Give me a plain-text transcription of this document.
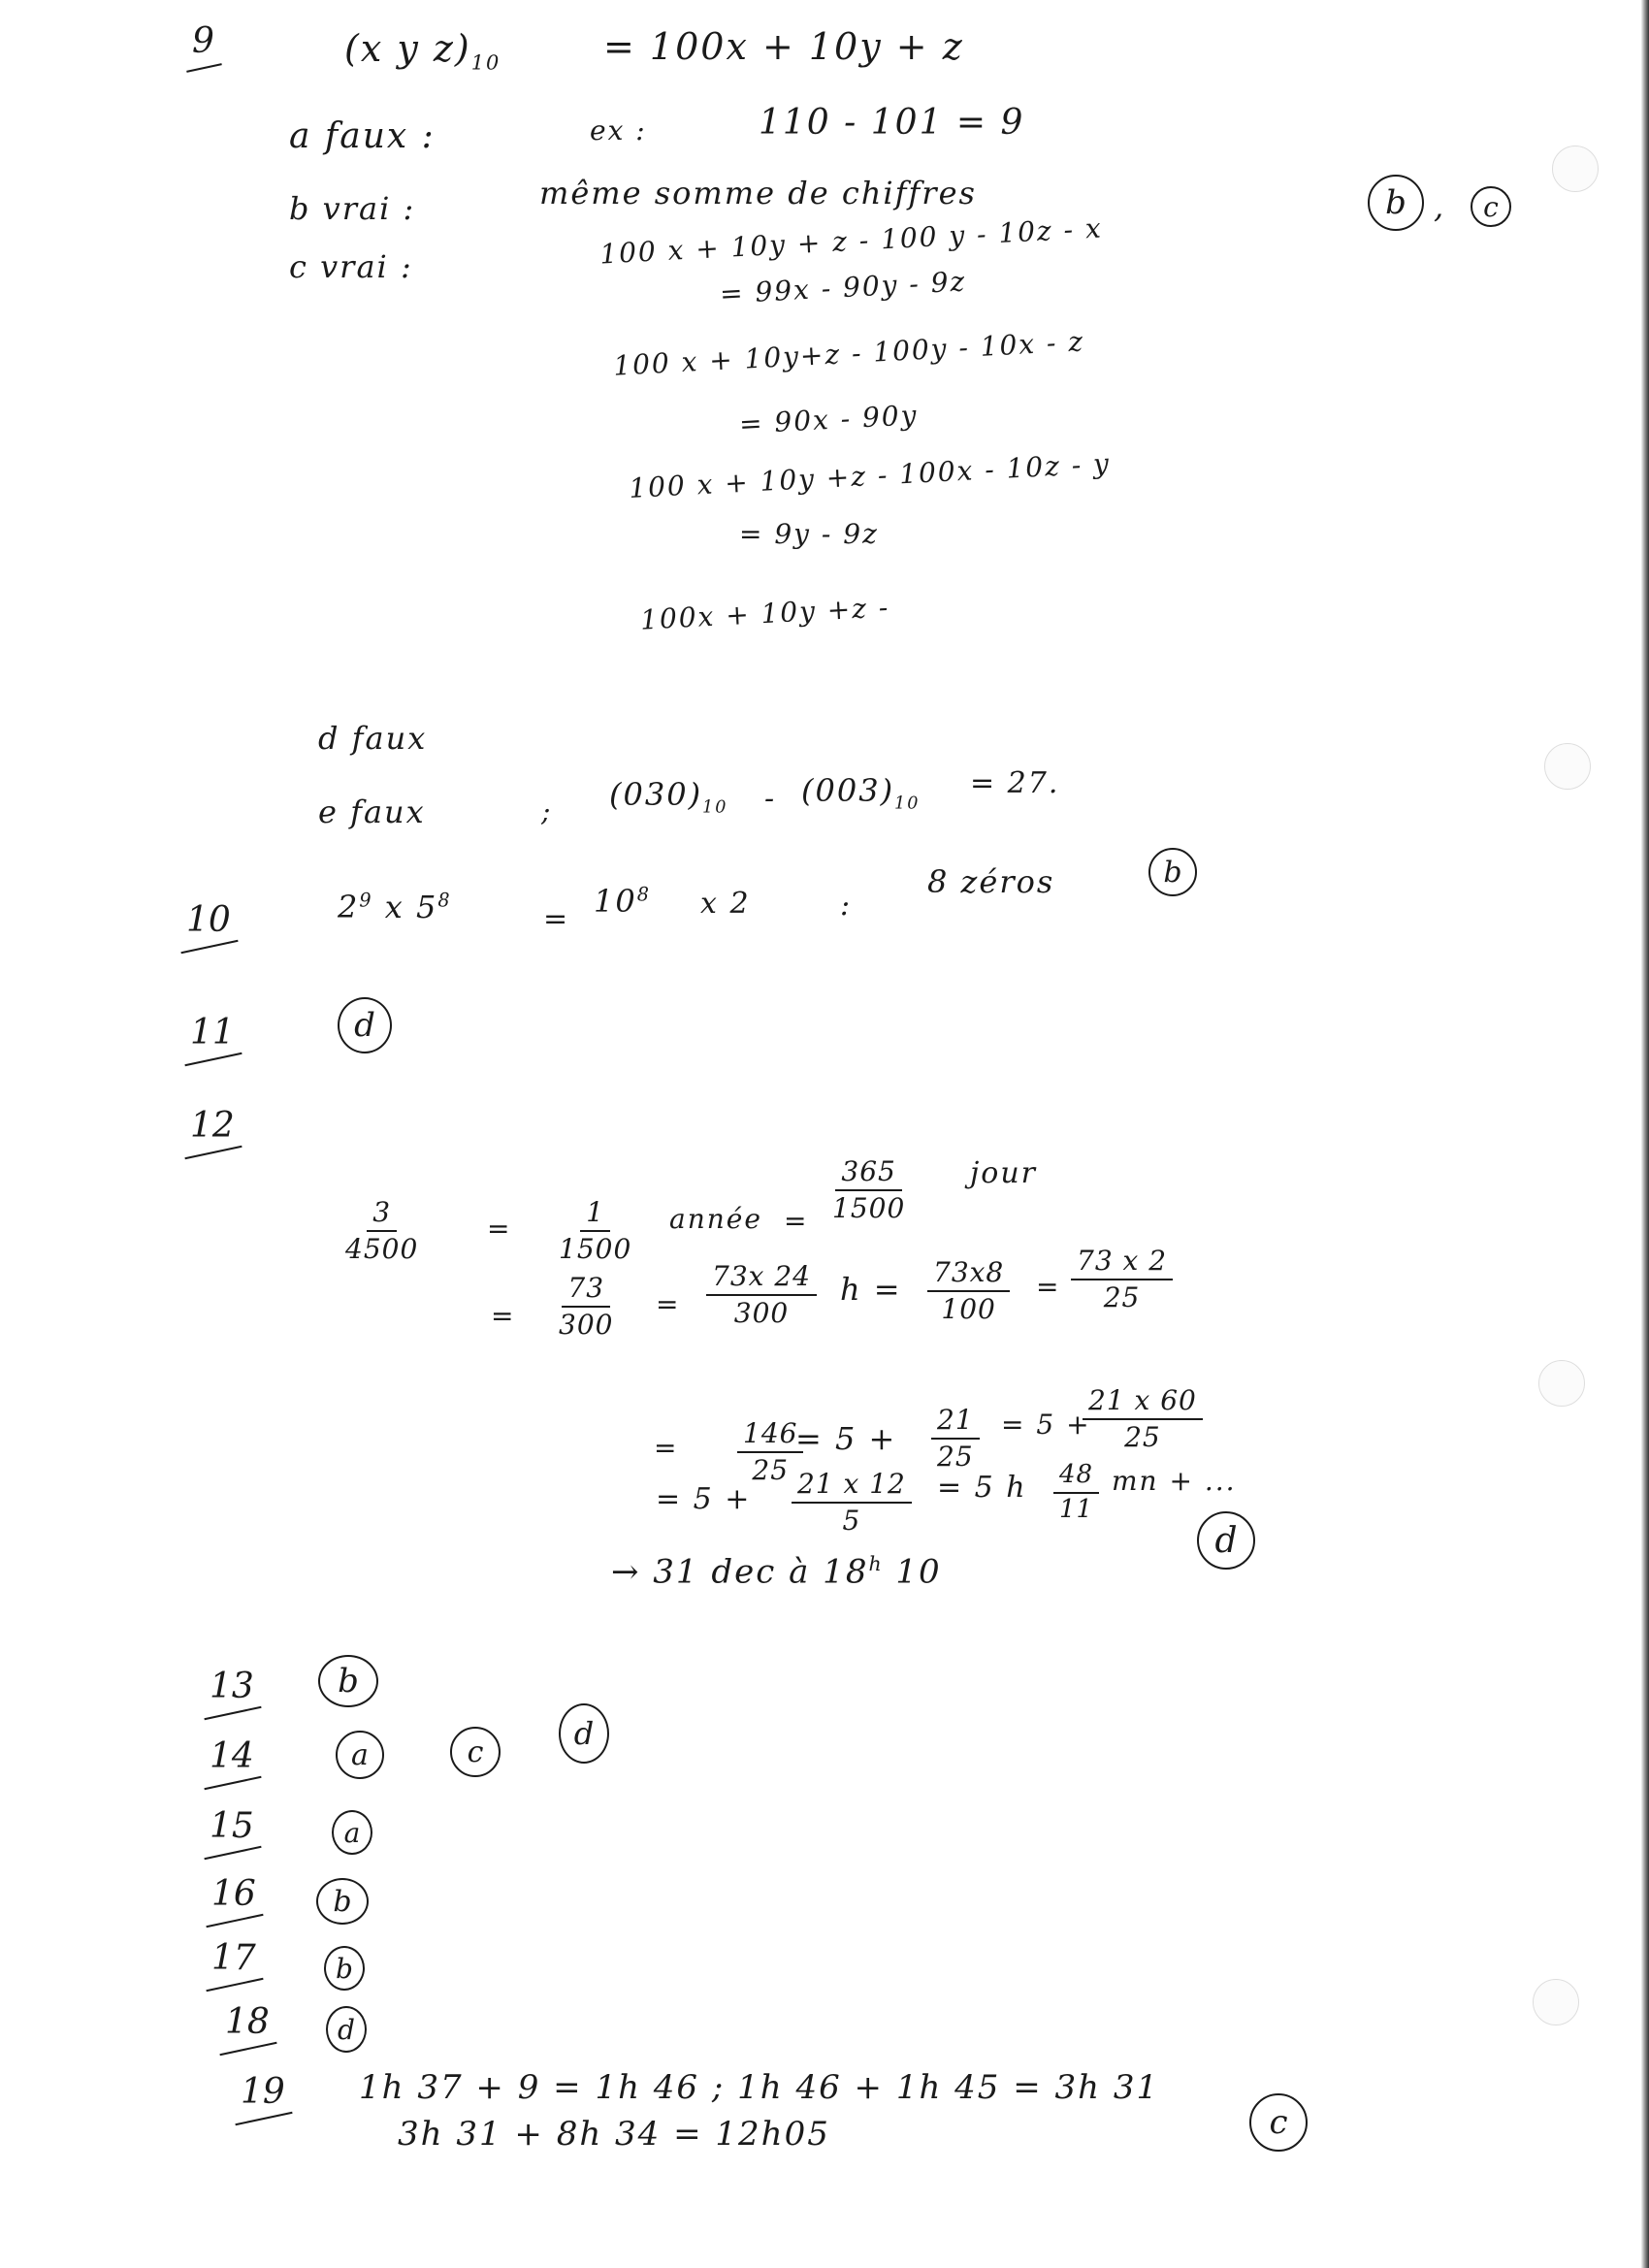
9	(x y $z)_{10}$	= 100x + 10y + z
a faux :	ex :	110 - 101 = 9
b vrai :	même somme de chiffres
c vrai :	100 x + 10y + z - 100 y - 10z - x
= 99x - 90y - 9z
100 x + 10y+z - 100y - 10x - z
= 90x - 90y
100 x + 10y +z - 100x - 10z - y
= 9y - 9z
100x + 10y +z -
b ,	c
d faux
e faux	; $(030)_{10} - (003)_{10}$
= 27.
10	$2^9$ x $5^8$
= $10^8$ x 2	:
8 zéros	b
11	d
12
$\frac{3}{4500}$	= $\frac{1}{1500}$ année = $\frac{365}{1500}$ jour
= $\frac{73}{300} = \frac{73x 24}{300}$ $h = \frac{73x8}{100} = \frac{73 x 2}{25}$
= $\frac{146}{25}$
= $5 + \frac{21}{25} = 5$ +
$\frac{21 x 60}{25}$
= $5 + \frac{21 x 12}{5} = 5$ h $\frac{48}{11}$ mn + ...
→ 31 dec à 18$^h$ 10
d
13	b
14	a	c	d
15	a
16	b
17	b
18	d
19 1h 37 + 9 = 1h 46 ; 1h 46 + 1h 45 = 3h 31
3h 31 + 8h 34 = 12h05	c
